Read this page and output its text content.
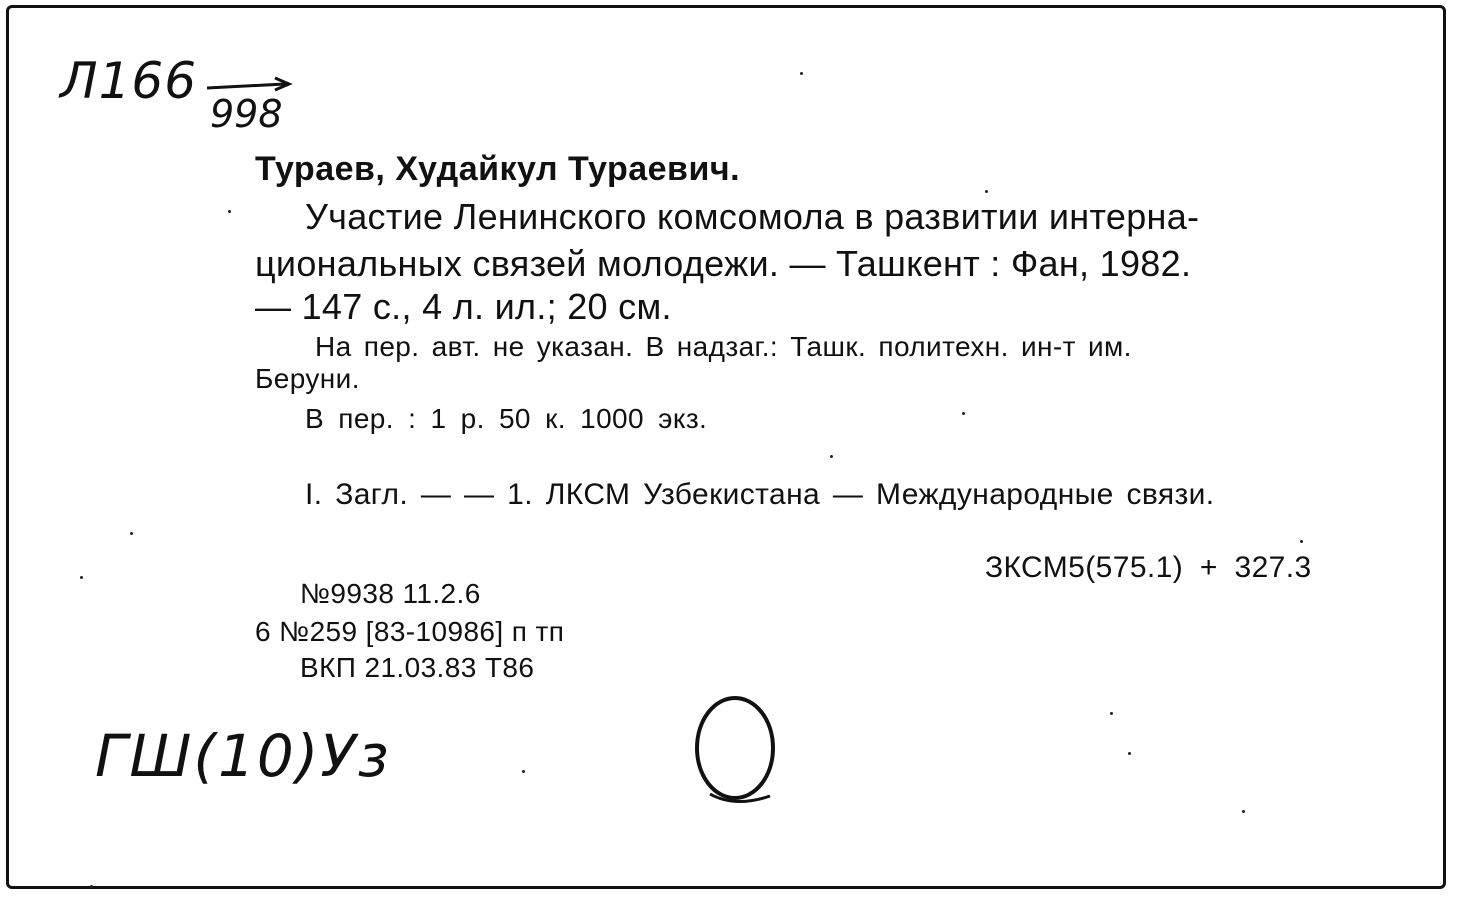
Л166
998
Тураев, Худайкул Тураевич.
Участие Ленинского комсомола в развитии интерна-
циональных связей молодежи. — Ташкент : Фан, 1982.
— 147 с., 4 л. ил.; 20 см.
На пер. авт. не указан. В надзаг.: Ташк. политехн. ин-т им.
Беруни.
В пер. : 1 р. 50 к. 1000 экз.
I. Загл. — — 1. ЛКСМ Узбекистана — Международные связи.
ЗКСМ5(575.1) + 327.3
№9938 11.2.6
6 №259 [83-10986] п тп
ВКП 21.03.83 Т86
ГШ(10)Уз
